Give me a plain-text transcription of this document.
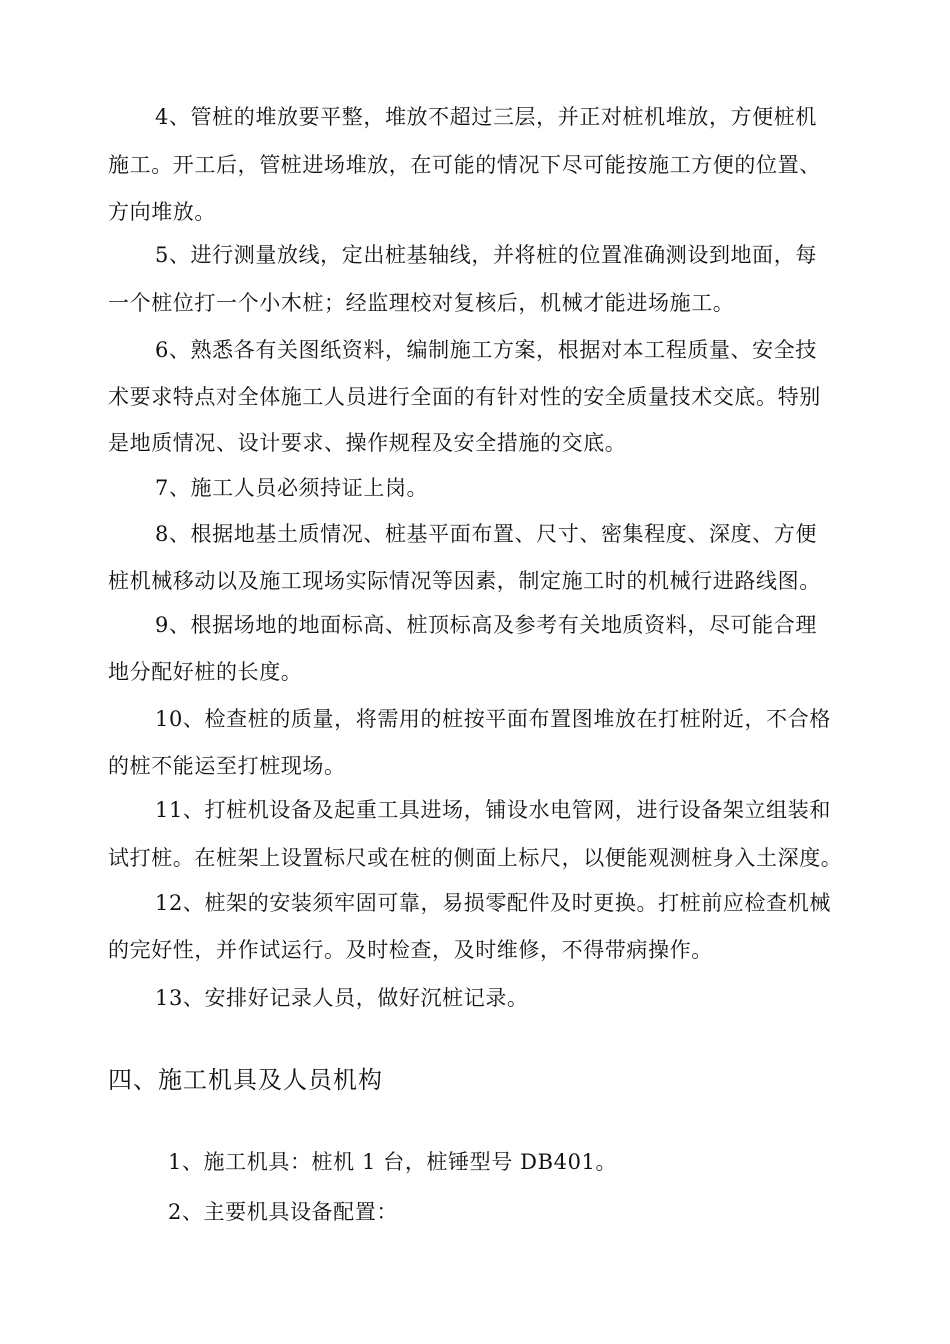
4、管桩的堆放要平整，堆放不超过三层，并正对桩机堆放，方便桩机
施工。开工后，管桩进场堆放，在可能的情况下尽可能按施工方便的位置、
方向堆放。
5、进行测量放线，定出桩基轴线，并将桩的位置准确测设到地面，每
一个桩位打一个小木桩；经监理校对复核后，机械才能进场施工。
6、熟悉各有关图纸资料，编制施工方案，根据对本工程质量、安全技
术要求特点对全体施工人员进行全面的有针对性的安全质量技术交底。特别
是地质情况、设计要求、操作规程及安全措施的交底。
7、施工人员必须持证上岗。
8、根据地基土质情况、桩基平面布置、尺寸、密集程度、深度、方便
桩机械移动以及施工现场实际情况等因素，制定施工时的机械行进路线图。
9、根据场地的地面标高、桩顶标高及参考有关地质资料，尽可能合理
地分配好桩的长度。
10、检查桩的质量，将需用的桩按平面布置图堆放在打桩附近，不合格
的桩不能运至打桩现场。
11、打桩机设备及起重工具进场，铺设水电管网，进行设备架立组装和
试打桩。在桩架上设置标尺或在桩的侧面上标尺，以便能观测桩身入土深度。
12、桩架的安装须牢固可靠，易损零配件及时更换。打桩前应检查机械
的完好性，并作试运行。及时检查，及时维修，不得带病操作。
13、安排好记录人员，做好沉桩记录。
四、施工机具及人员机构
1、施工机具：桩机 1 台，桩锤型号 DB401。
2、主要机具设备配置：
